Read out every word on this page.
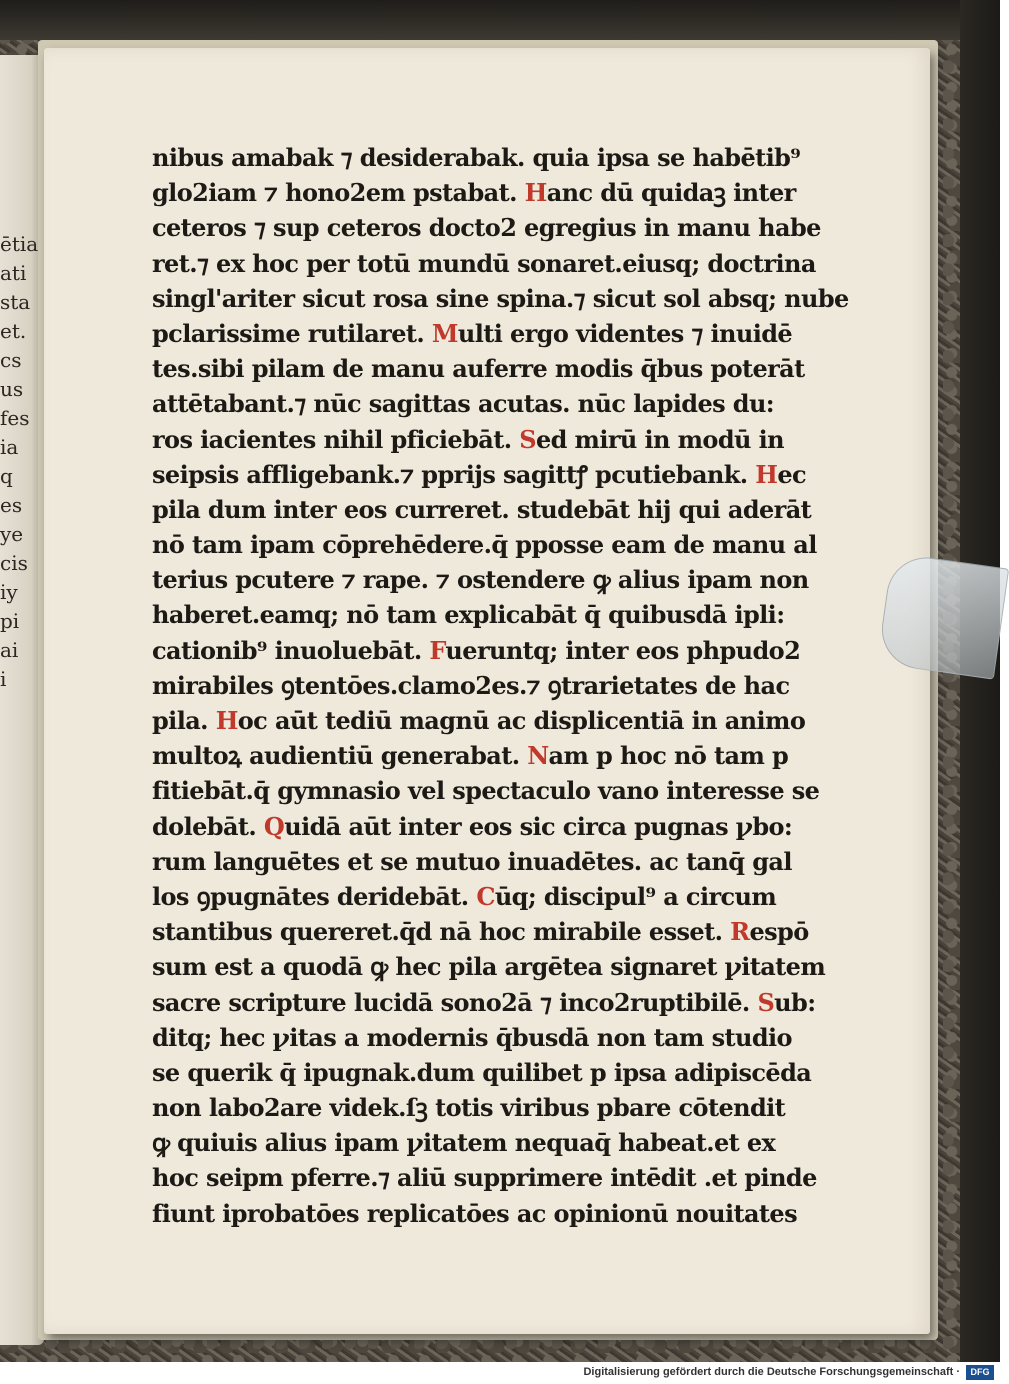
ētia
ati
sta
et.
cs
us
fes
ia
q
es
ye
cis
iy
pi
ai
i
nibus amabak ⁊ desiderabak. quia ipsa se habētib⁹
glo2iam ⁊ hono2em pstabat. Hanc dū quidaꝫ inter
ceteros ⁊ sup ceteros docto2 egregius in manu habe
ret.⁊ ex hoc per totū mundū sonaret.eiusq; doctrina
singl'ariter sicut rosa sine spina.⁊ sicut sol absq; nube
pclarissime rutilaret. Multi ergo videntes ⁊ inuidē
tes.sibi pilam de manu auferre modis q̄bus poterāt
attētabant.⁊ nūc sagittas acutas. nūc lapides du:
ros iacientes nihil pficiebāt. Sed mirū in modū in
seipsis affligebank.⁊ pprijs sagittꝭ pcutiebank. Hec
pila dum inter eos curreret. studebāt hij qui aderāt
nō tam ipam cōprehēdere.q̄ pposse eam de manu al
terius pcutere ⁊ rape. ⁊ ostendere ꝙ alius ipam non
haberet.eamq; nō tam explicabāt q̄ quibusdā ipli:
cationib⁹ inuoluebāt. Fueruntq; inter eos phpudo2
mirabiles ꝯtentōes.clamo2es.⁊ ꝯtrarietates de hac
pila. Hoc aūt tediū magnū ac displicentiā in animo
multoꝝ audientiū generabat. Nam p hoc nō tam p
fitiebāt.q̄ gymnasio vel spectaculo vano interesse se
dolebāt. Quidā aūt inter eos sic circa pugnas ꝩbo:
rum languētes et se mutuo inuadētes. ac tanq̄ gal
los ꝯpugnātes deridebāt. Cūq; discipul⁹ a circum
stantibus quereret.q̄d nā hoc mirabile esset. Respō
sum est a quodā ꝙ hec pila argētea signaret ꝩitatem
sacre scripture lucidā sono2ā ⁊ inco2ruptibilē. Sub:
ditq; hec ꝩitas a modernis q̄busdā non tam studio
se querik q̄ ipugnak.dum quilibet p ipsa adipiscēda
non labo2are videk.ſꝫ totis viribus pbare cōtendit
ꝙ quiuis alius ipam ꝩitatem nequaq̄ habeat.et ex
hoc seipm pferre.⁊ aliū supprimere intēdit .et pinde
fiunt iprobatōes replicatōes ac opinionū nouitates
Digitalisierung gefördert durch die Deutsche Forschungsgemeinschaft ·	DFG
